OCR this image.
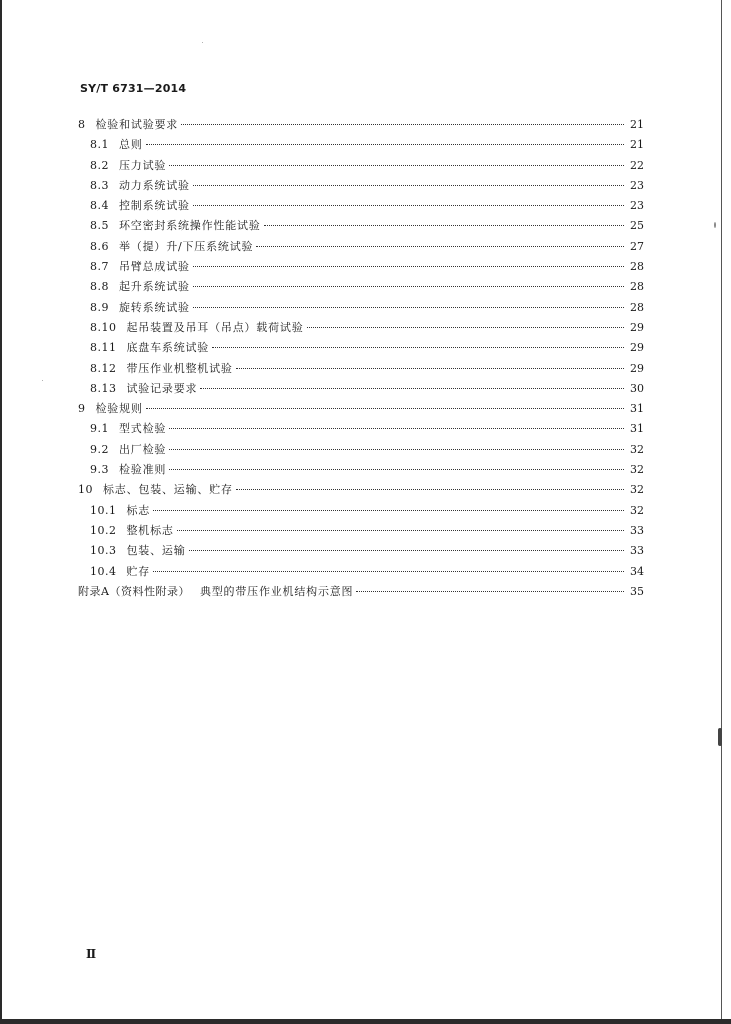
SY/T 6731—2014
8 检验和试验要求	21
8.1 总则	21
8.2 压力试验	22
8.3 动力系统试验	23
8.4 控制系统试验	23
8.5 环空密封系统操作性能试验	25
8.6 举（提）升/下压系统试验	27
8.7 吊臂总成试验	28
8.8 起升系统试验	28
8.9 旋转系统试验	28
8.10 起吊装置及吊耳（吊点）载荷试验	29
8.11 底盘车系统试验	29
8.12 带压作业机整机试验	29
8.13 试验记录要求	30
9 检验规则	31
9.1 型式检验	31
9.2 出厂检验	32
9.3 检验准则	32
10 标志、包装、运输、贮存	32
10.1 标志	32
10.2 整机标志	33
10.3 包装、运输	33
10.4 贮存	34
附录A（资料性附录） 典型的带压作业机结构示意图	35
Ⅱ
